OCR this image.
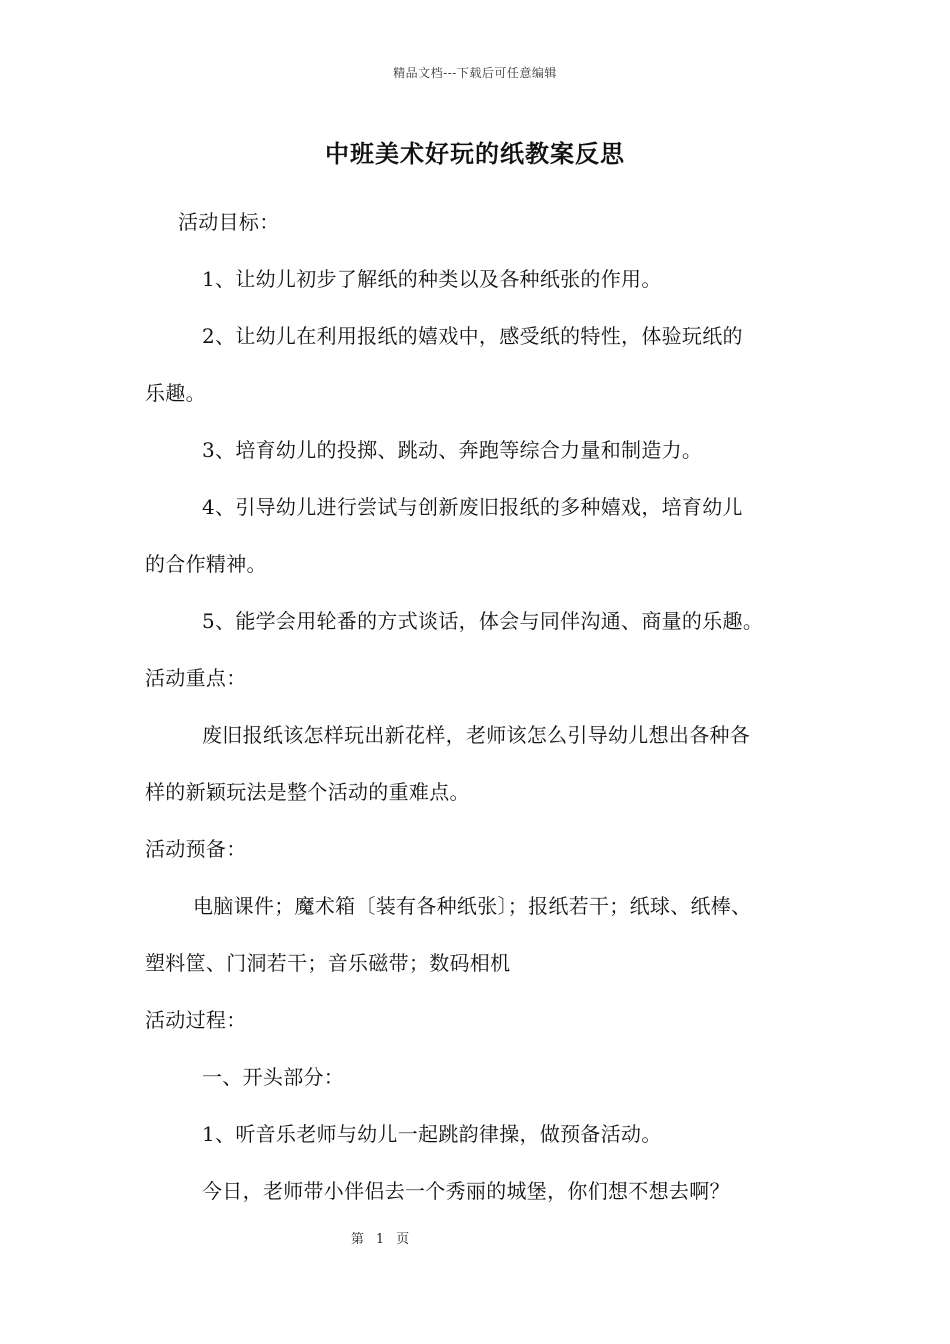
精品文档---下载后可任意编辑
中班美术好玩的纸教案反思
活动目标：
1、让幼儿初步了解纸的种类以及各种纸张的作用。
2、让幼儿在利用报纸的嬉戏中，感受纸的特性，体验玩纸的
乐趣。
3、培育幼儿的投掷、跳动、奔跑等综合力量和制造力。
4、引导幼儿进行尝试与创新废旧报纸的多种嬉戏，培育幼儿
的合作精神。
5、能学会用轮番的方式谈话，体会与同伴沟通、商量的乐趣。
活动重点：
废旧报纸该怎样玩出新花样，老师该怎么引导幼儿想出各种各
样的新颖玩法是整个活动的重难点。
活动预备：
电脑课件；魔术箱〔装有各种纸张〕；报纸若干；纸球、纸棒、
塑料筐、门洞若干；音乐磁带；数码相机
活动过程：
一、开头部分：
1、听音乐老师与幼儿一起跳韵律操，做预备活动。
今日，老师带小伴侣去一个秀丽的城堡，你们想不想去啊？
第 1 页
